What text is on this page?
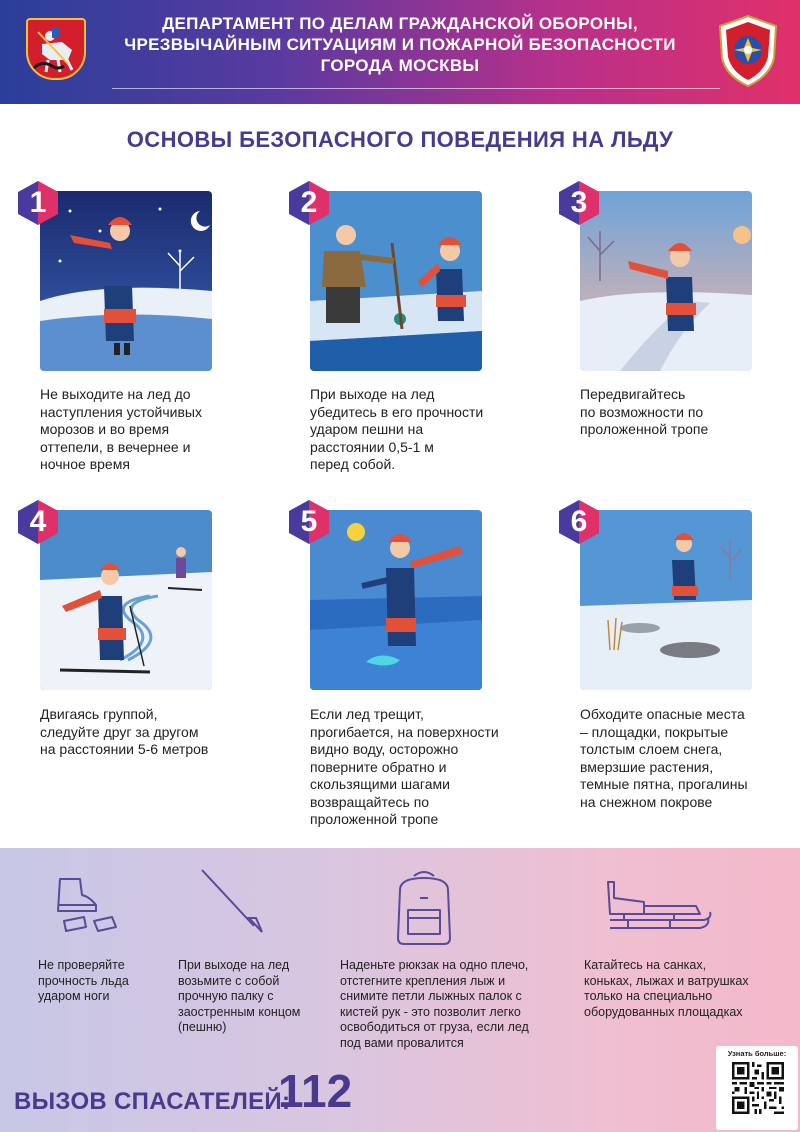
ДЕПАРТАМЕНТ ПО ДЕЛАМ ГРАЖДАНСКОЙ ОБОРОНЫ,
ЧРЕЗВЫЧАЙНЫМ СИТУАЦИЯМ И ПОЖАРНОЙ БЕЗОПАСНОСТИ
ГОРОДА МОСКВЫ
ОСНОВЫ БЕЗОПАСНОГО ПОВЕДЕНИЯ НА ЛЬДУ
1
Не выходите на лед до
наступления устойчивых
морозов и во время
оттепели, в вечернее и
ночное время
2
При выходе на лед
убедитесь в его прочности
ударом пешни на
расстоянии 0,5-1 м
перед собой.
3
Передвигайтесь
по возможности по
проложенной тропе
4
Двигаясь группой,
следуйте друг за другом
на расстоянии 5-6 метров
5
Если лед трещит,
прогибается, на поверхности
видно воду, осторожно
поверните обратно и
скользящими шагами
возвращайтесь по
проложенной тропе
6
Обходите опасные места
– площадки, покрытые
толстым слоем снега,
вмерзшие растения,
темные пятна, прогалины
на снежном покрове
Не проверяйте
прочность льда
ударом ноги
При выходе на лед
возьмите с собой
прочную палку с
заостренным концом
(пешню)
Наденьте рюкзак на одно плечо,
отстегните крепления лыж и
снимите петли лыжных палок с
кистей рук - это позволит легко
освободиться от груза, если лед
под вами провалится
Катайтесь на санках,
коньках, лыжах и ватрушках
только на специально
оборудованных площадках
ВЫЗОВ СПАСАТЕЛЕЙ:
112
Узнать больше:
